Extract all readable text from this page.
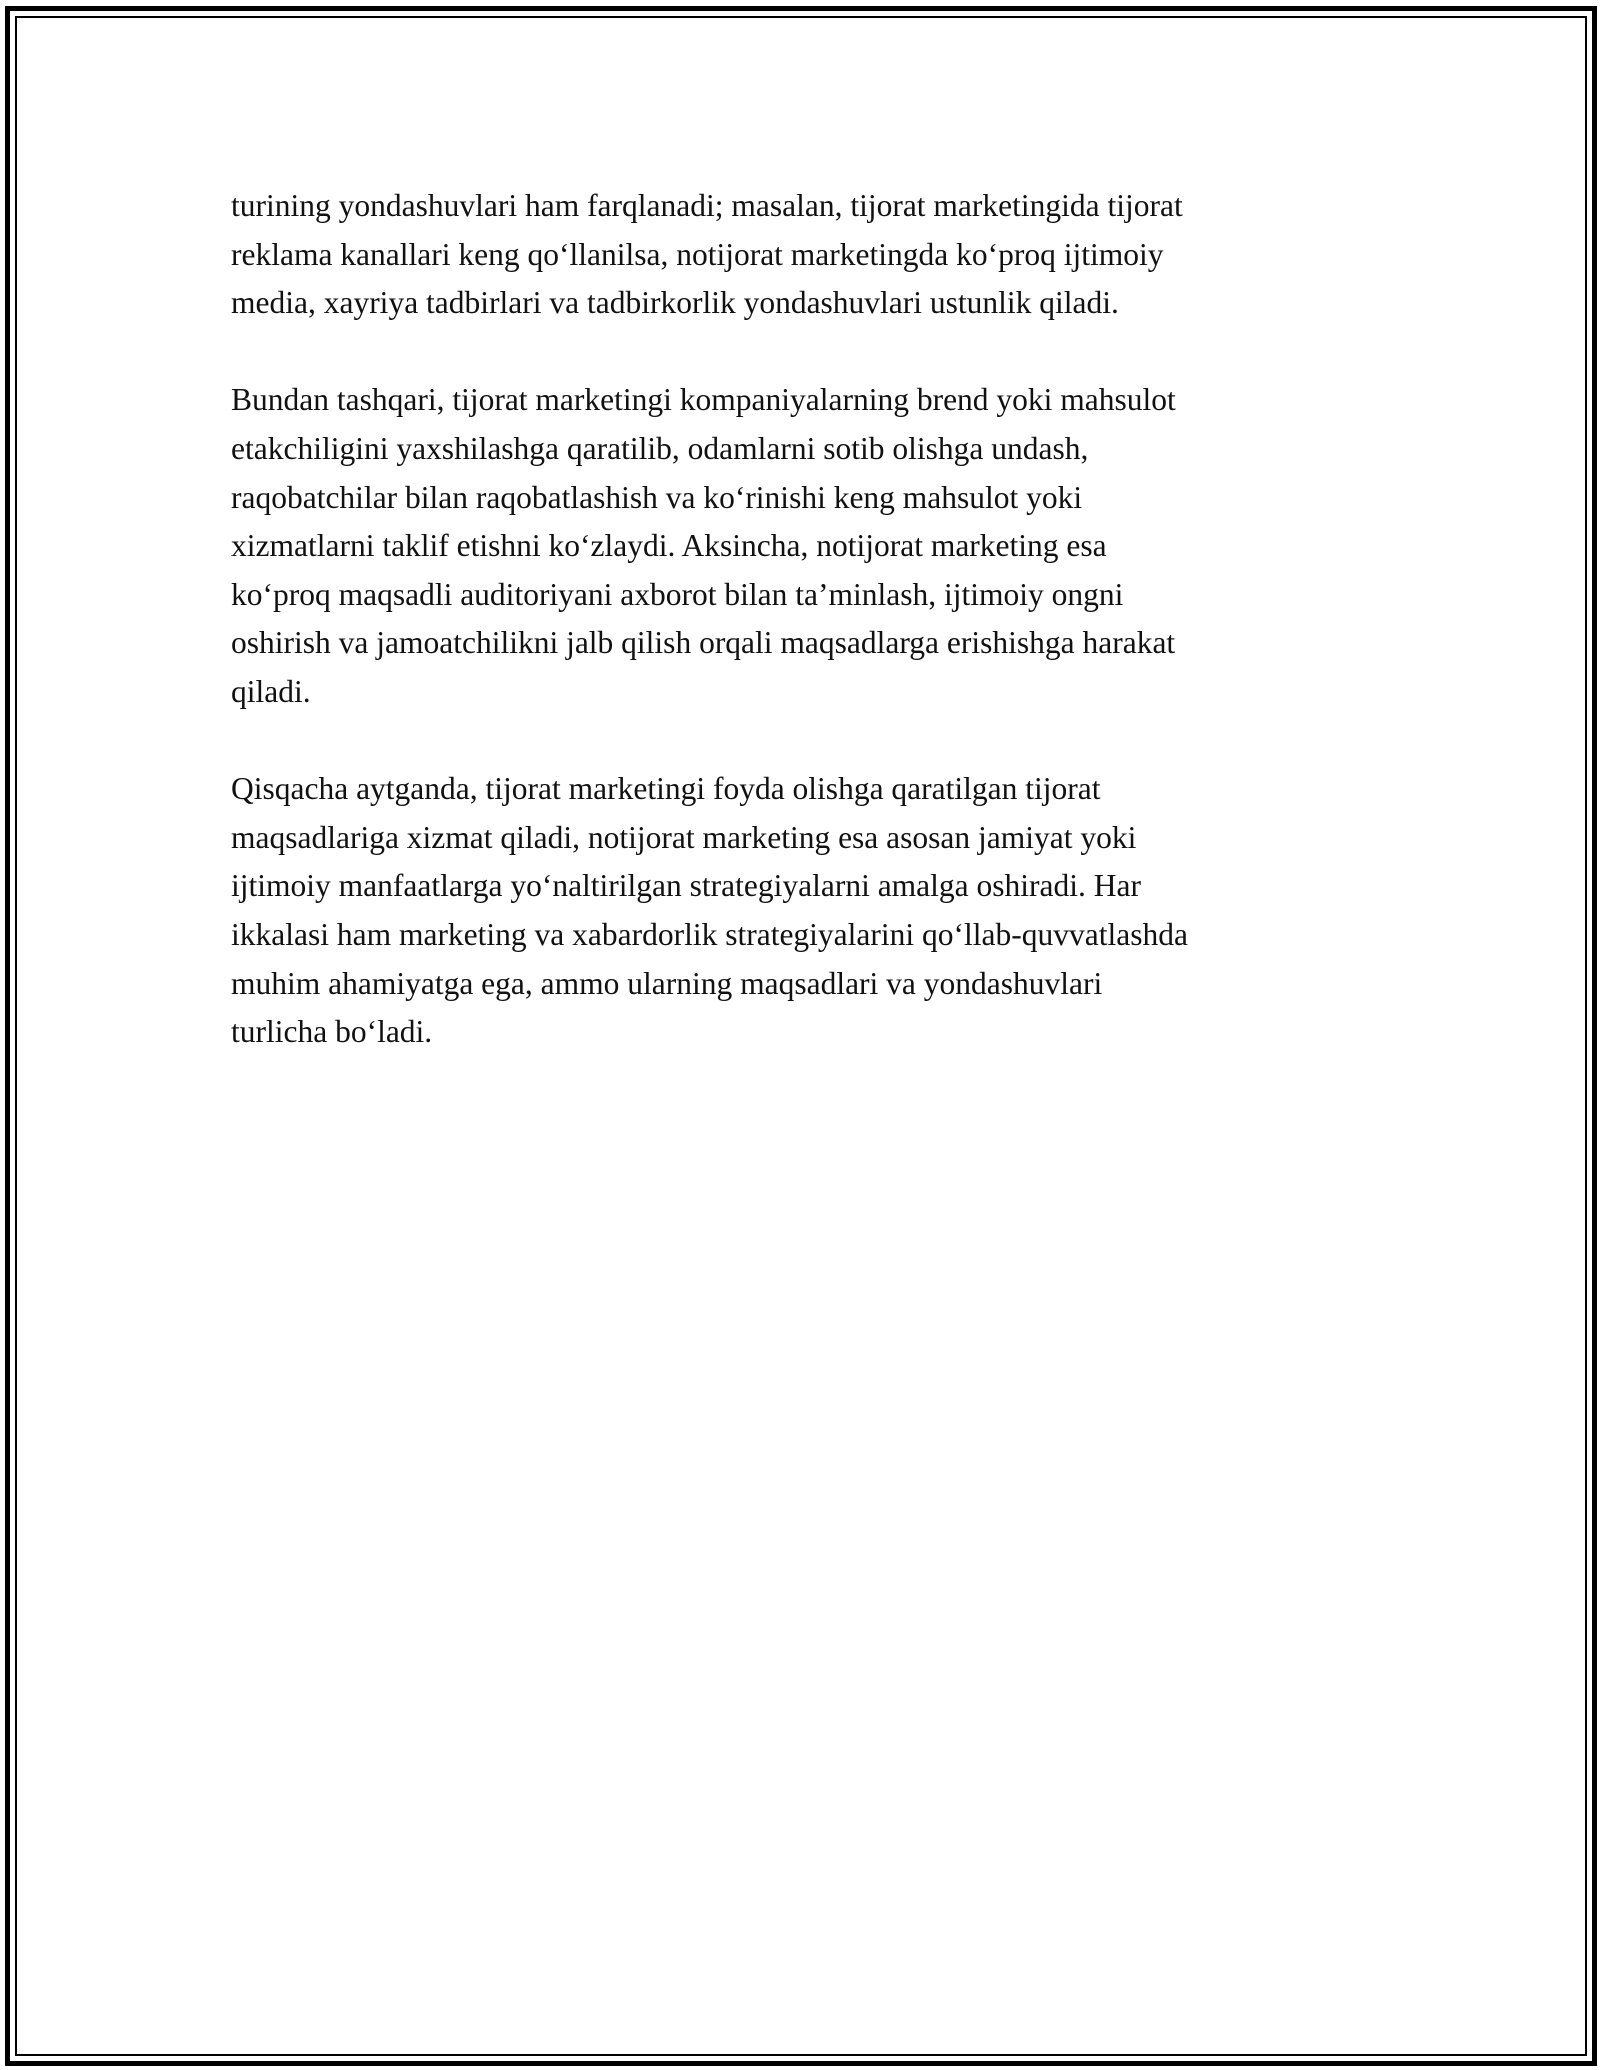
turining yondashuvlari ham farqlanadi; masalan, tijorat marketingida tijorat
reklama kanallari keng qo‘llanilsa, notijorat marketingda ko‘proq ijtimoiy
media, xayriya tadbirlari va tadbirkorlik yondashuvlari ustunlik qiladi.

Bundan tashqari, tijorat marketingi kompaniyalarning brend yoki mahsulot
etakchiligini yaxshilashga qaratilib, odamlarni sotib olishga undash,
raqobatchilar bilan raqobatlashish va ko‘rinishi keng mahsulot yoki
xizmatlarni taklif etishni ko‘zlaydi. Aksincha, notijorat marketing esa
ko‘proq maqsadli auditoriyani axborot bilan ta’minlash, ijtimoiy ongni
oshirish va jamoatchilikni jalb qilish orqali maqsadlarga erishishga harakat
qiladi.

Qisqacha aytganda, tijorat marketingi foyda olishga qaratilgan tijorat
maqsadlariga xizmat qiladi, notijorat marketing esa asosan jamiyat yoki
ijtimoiy manfaatlarga yo‘naltirilgan strategiyalarni amalga oshiradi. Har
ikkalasi ham marketing va xabardorlik strategiyalarini qo‘llab-quvvatlashda
muhim ahamiyatga ega, ammo ularning maqsadlari va yondashuvlari
turlicha bo‘ladi.
